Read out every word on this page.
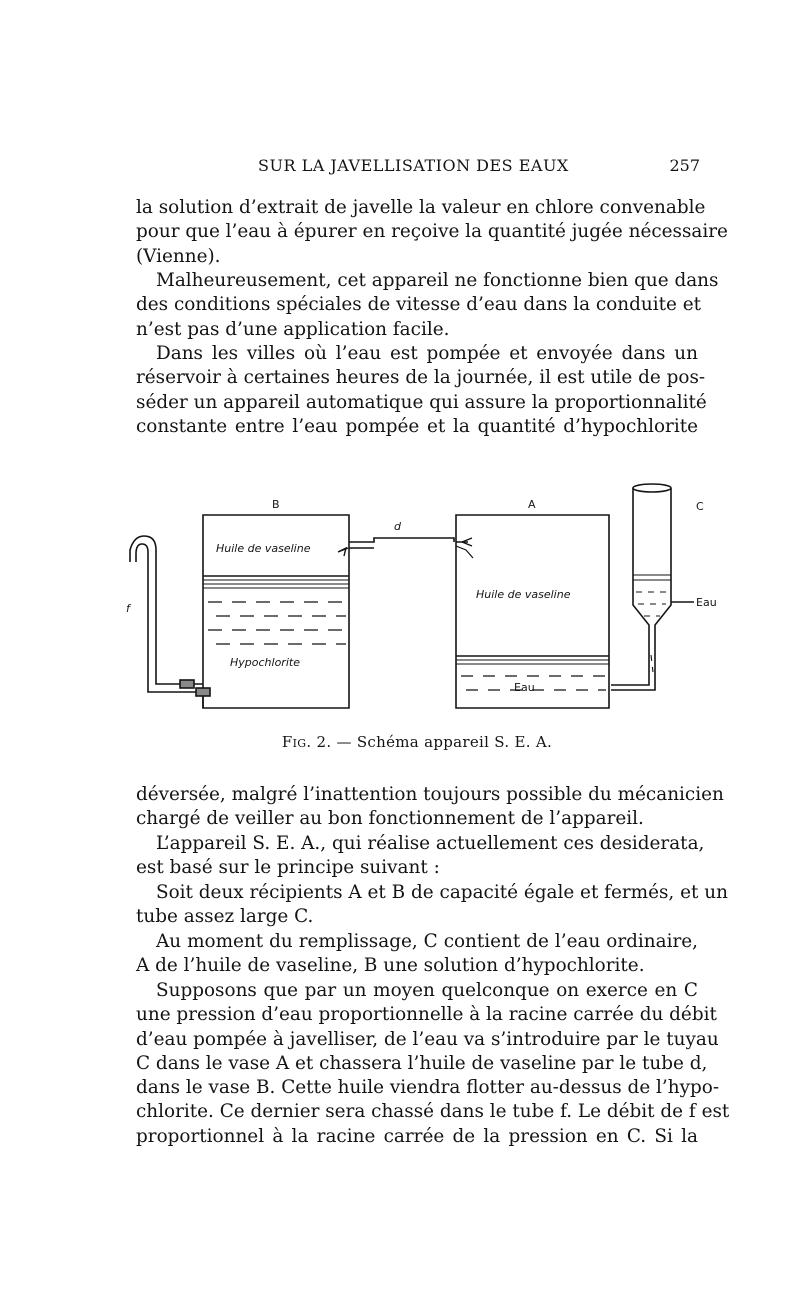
SUR LA JAVELLISATION DES EAUX	257
la solution d’extrait de javelle la valeur en chlore convenable
pour que l’eau à épurer en reçoive la quantité jugée nécessaire
(Vienne).
Malheureusement, cet appareil ne fonctionne bien que dans
des conditions spéciales de vitesse d’eau dans la conduite et
n’est pas d’une application facile.
Dans les villes où l’eau est pompée et envoyée dans un
réservoir à certaines heures de la journée, il est utile de pos-
séder un appareil automatique qui assure la proportionnalité
constante entre l’eau pompée et la quantité d’hypochlorite
B	A	C
d
f
Huile de vaseline
Hypochlorite
Huile de vaseline
Eau
Eau
Fig. 2. — Schéma appareil S. E. A.
déversée, malgré l’inattention toujours possible du mécanicien
chargé de veiller au bon fonctionnement de l’appareil.
L’appareil S. E. A., qui réalise actuellement ces desiderata,
est basé sur le principe suivant :
Soit deux récipients A et B de capacité égale et fermés, et un
tube assez large C.
Au moment du remplissage, C contient de l’eau ordinaire,
A de l’huile de vaseline, B une solution d’hypochlorite.
Supposons que par un moyen quelconque on exerce en C
une pression d’eau proportionnelle à la racine carrée du débit
d’eau pompée à javelliser, de l’eau va s’introduire par le tuyau
C dans le vase A et chassera l’huile de vaseline par le tube d,
dans le vase B. Cette huile viendra flotter au-dessus de l’hypo-
chlorite. Ce dernier sera chassé dans le tube f. Le débit de f est
proportionnel à la racine carrée de la pression en C. Si la
